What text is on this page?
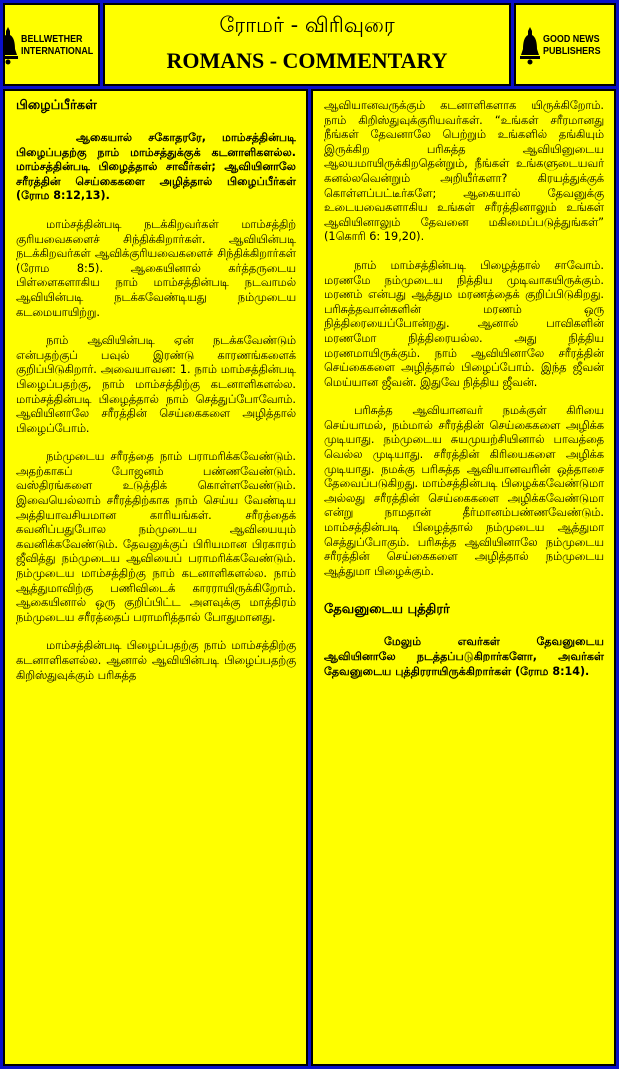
BELLWETHER
INTERNATIONAL
ரோமர் - விரிவுரை
ROMANS - COMMENTARY
GOOD NEWS
PUBLISHERS
பிழைப்பீர்கள்

ஆகையால் சகோதரரே, மாம்சத்தின்படி பிழைப்பதற்கு நாம் மாம்சத்துக்குக் கடனாளிகளல்ல. மாம்சத்தின்படி பிழைத்தால் சாவீர்கள்; ஆவியினாலே சரீரத்தின் செய்கைகளை அழித்தால் பிழைப்பீர்கள் (ரோம 8:12,13).

மாம்சத்தின்படி நடக்கிறவர்கள் மாம்சத்திற் குரியவைகளைச் சிந்திக்கிறார்கள். ஆவியின்படி நடக்கிறவர்கள் ஆவிக்குரியவைகளைச் சிந்திக்கிறார்கள் (ரோம 8:5). ஆகையினால் கர்த்தருடைய பிள்ளைகளாகிய நாம் மாம்சத்தின்படி நடவாமல் ஆவியின்படி நடக்கவேண்டியது நம்முடைய கடமையாயிற்று.

நாம் ஆவியின்படி ஏன் நடக்கவேண்டும் என்பதற்குப் பவுல் இரண்டு காரணங்களைக் குறிப்பிடுகிறார். அவையாவன: 1. நாம் மாம்சத்தின்படி பிழைப்பதற்கு, நாம் மாம்சத்திற்கு கடனாளிகளல்ல. மாம்சத்தின்படி பிழைத்தால் நாம் செத்துப்போவோம். ஆவியினாலே சரீரத்தின் செய்கைகளை அழித்தால் பிழைப்போம்.

நம்முடைய சரீரத்தை நாம் பராமரிக்கவேண்டும். அதற்காகப் போஜனம் பண்ணவேண்டும். வஸ்திரங்களை உடுத்திக் கொள்ளவேண்டும். இவையெல்லாம் சரீரத்திற்காக நாம் செய்ய வேண்டிய அத்தியாவசியமான காரியங்கள். சரீரத்தைக் கவனிப்பதுபோல நம்முடைய ஆவியையும் கவனிக்கவேண்டும். தேவனுக்குப் பிரியமான பிரகாரம் ஜீவித்து நம்முடைய ஆவியைப் பராமரிக்கவேண்டும். நம்முடைய மாம்சத்திற்கு நாம் கடனாளிகளல்ல. நாம் ஆத்துமாவிற்கு பணிவிடைக் காரராயிருக்கிறோம். ஆகையினால் ஒரு குறிப்பிட்ட அளவுக்கு மாத்திரம் நம்முடைய சரீரத்தைப் பராமரித்தால் போதுமானது.

மாம்சத்தின்படி பிழைப்பதற்கு நாம் மாம்சத்திற்கு கடனாளிகளல்ல. ஆனால் ஆவியின்படி பிழைப்பதற்கு கிறிஸ்துவுக்கும் பரிசுத்த

ஆவியானவருக்கும் கடனாளிகளாக யிருக்கிறோம். நாம் கிறிஸ்துவுக்குரியவர்கள். “உங்கள் சரீரமானது நீங்கள் தேவனாலே பெற்றும் உங்களில் தங்கியும் இருக்கிற பரிசுத்த ஆவியினுடைய ஆலயமாயிருக்கிறதென்றும், நீங்கள் உங்களுடையவர் கனல்லவென்றும் அறியீர்களா? கிரயத்துக்குக் கொள்ளப்பட்டீர்களே; ஆகையால் தேவனுக்கு உடையவைகளாகிய உங்கள் சரீரத்தினாலும் உங்கள் ஆவியினாலும் தேவனை மகிமைப்படுத்துங்கள்” (1கொரி 6: 19,20).

நாம் மாம்சத்தின்படி பிழைத்தால் சாவோம். மரணமே நம்முடைய நித்திய முடிவாகயிருக்கும். மரணம் என்பது ஆத்தும மரணத்தைக் குறிப்பிடுகிறது. பரிசுத்தவான்களின் மரணம் ஒரு நித்திரையைப்போன்றது. ஆனால் பாவிகளின் மரணமோ நித்திரையல்ல. அது நித்திய மரணமாயிருக்கும். நாம் ஆவியினாலே சரீரத்தின் செய்கைகளை அழித்தால் பிழைப்போம். இந்த ஜீவன் மெய்யான ஜீவன். இதுவே நித்திய ஜீவன்.

பரிசுத்த ஆவியானவர் நமக்குள் கிரியை செய்யாமல், நம்மால் சரீரத்தின் செய்கைகளை அழிக்க முடியாது. நம்முடைய சுயமுயற்சியினால் பாவத்தை வெல்ல முடியாது. சரீரத்தின் கிரியைகளை அழிக்க முடியாது. நமக்கு பரிசுத்த ஆவியானவரின் ஒத்தாசை தேவைப்படுகிறது. மாம்சத்தின்படி பிழைக்கவேண்டுமா அல்லது சரீரத்தின் செய்கைகளை அழிக்கவேண்டுமா என்று நாமதான் தீர்மானம்பண்ணவேண்டும். மாம்சத்தின்படி பிழைத்தால் நம்முடைய ஆத்துமா செத்துப்போகும். பரிசுத்த ஆவியினாலே நம்முடைய சரீரத்தின் செய்கைகளை அழித்தால் நம்முடைய ஆத்துமா பிழைக்கும்.

தேவனுடைய புத்திரர்

மேலும் எவர்கள் தேவனுடைய ஆவியினாலே நடத்தப்படுகிறார்களோ, அவர்கள் தேவனுடைய புத்திரராயிருக்கிறார்கள் (ரோம 8:14).
